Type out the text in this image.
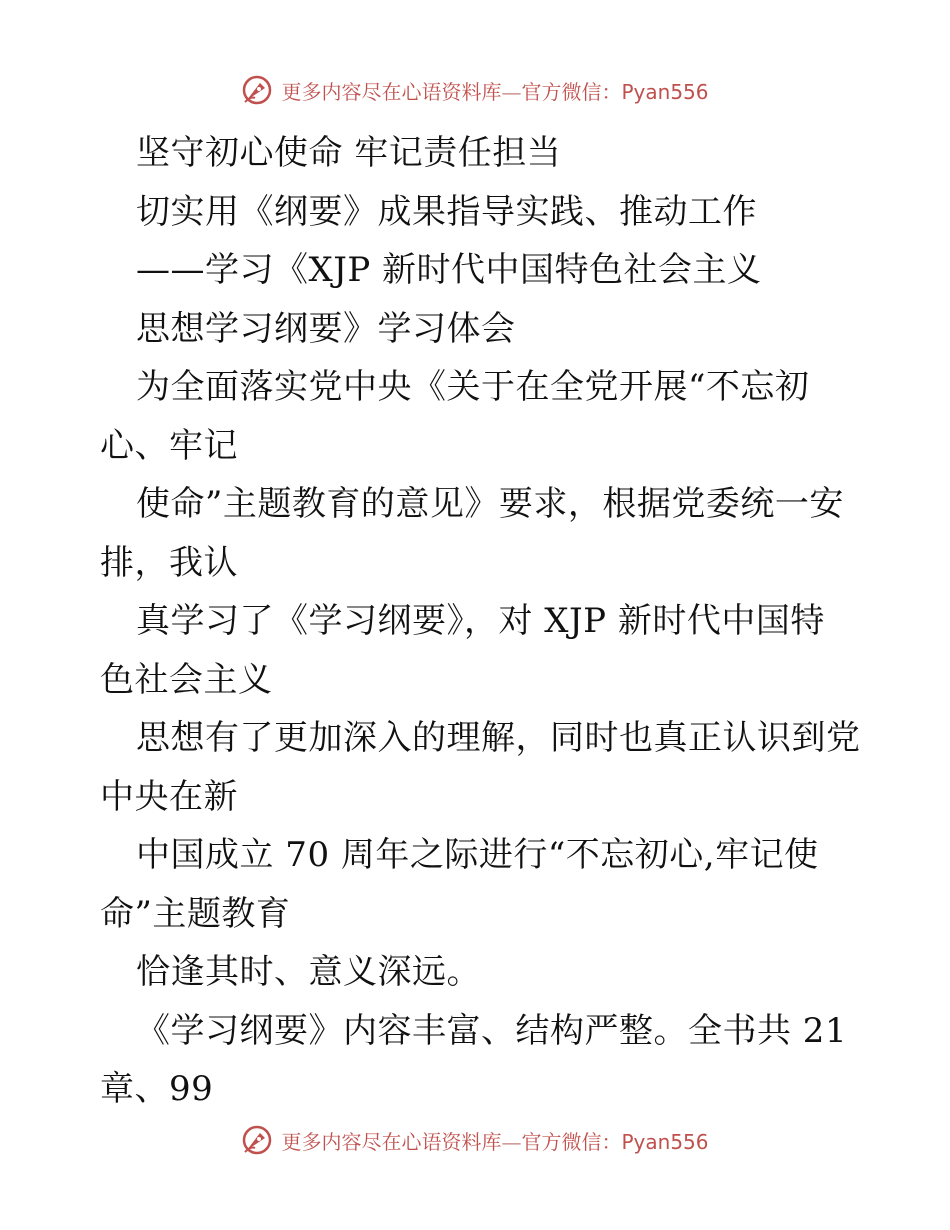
更多内容尽在心语资料库—官方微信：Pyan556
坚守初心使命 牢记责任担当
切实用《纲要》成果指导实践、推动工作
——学习《XJP 新时代中国特色社会主义
思想学习纲要》学习体会
为全面落实党中央《关于在全党开展“不忘初
心、牢记
使命”主题教育的意见》要求，根据党委统一安
排，我认
真学习了《学习纲要》，对 XJP 新时代中国特
色社会主义
思想有了更加深入的理解，同时也真正认识到党
中央在新
中国成立 70 周年之际进行“不忘初心,牢记使
命”主题教育
恰逢其时、意义深远。
《学习纲要》内容丰富、结构严整。全书共 21
章、99
更多内容尽在心语资料库—官方微信：Pyan556
